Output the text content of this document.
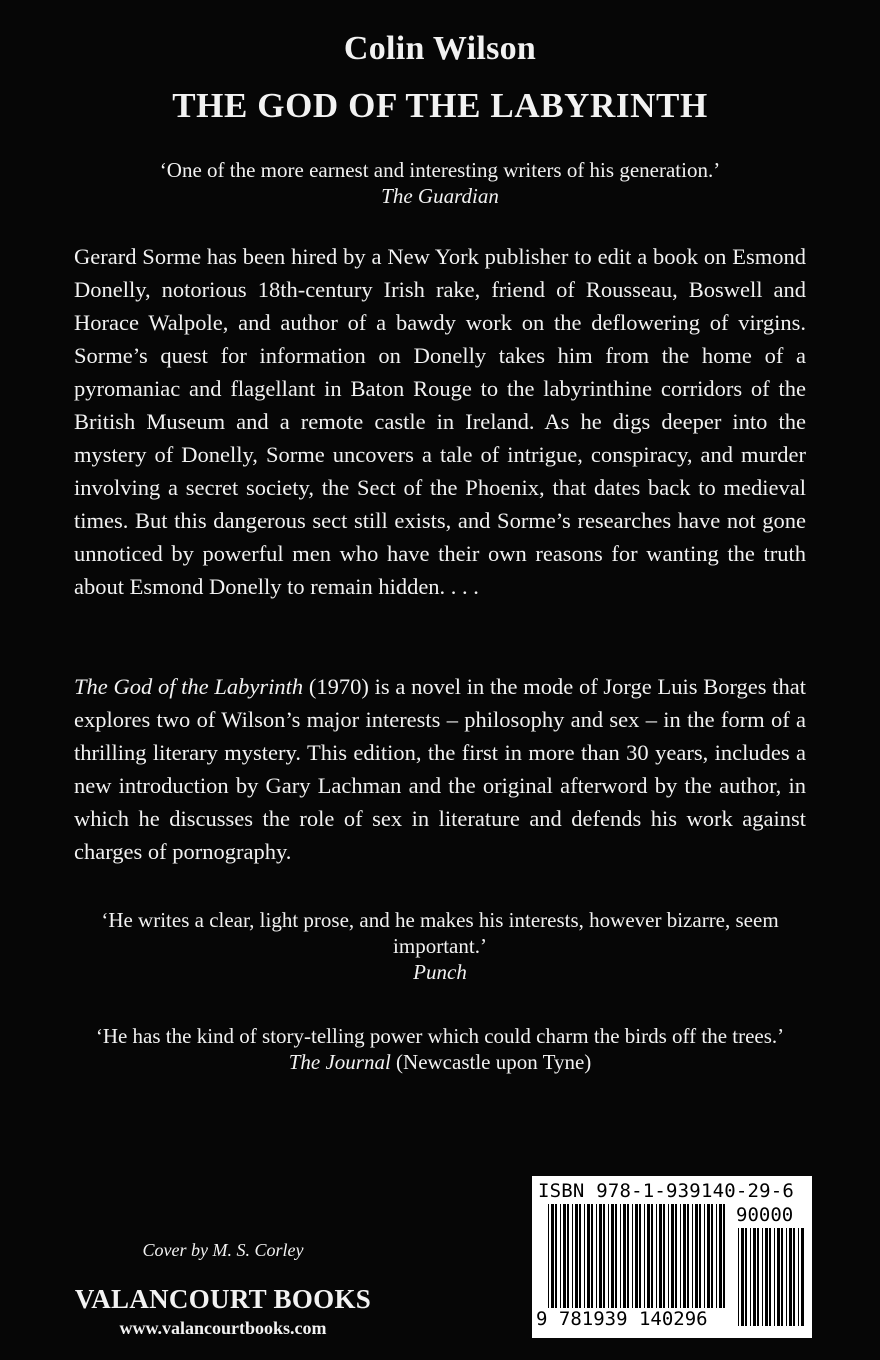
Colin Wilson
THE GOD OF THE LABYRINTH
‘One of the more earnest and interesting writers of his generation.’
The Guardian

Gerard Sorme has been hired by a New York publisher to edit a book on Esmond Donelly, notorious 18th-century Irish rake, friend of Rousseau, Boswell and Horace Walpole, and author of a bawdy work on the deflowering of virgins. Sorme’s quest for information on Donelly takes him from the home of a pyromaniac and flagellant in Baton Rouge to the labyrinthine corridors of the British Museum and a remote castle in Ireland. As he digs deeper into the mystery of Donelly, Sorme uncovers a tale of intrigue, conspiracy, and murder involving a secret society, the Sect of the Phoenix, that dates back to medieval times. But this dangerous sect still exists, and Sorme’s researches have not gone unnoticed by powerful men who have their own reasons for wanting the truth about Esmond Donelly to remain hidden. . . .

The God of the Labyrinth (1970) is a novel in the mode of Jorge Luis Borges that explores two of Wilson’s major interests – philosophy and sex – in the form of a thrilling literary mystery. This edition, the first in more than 30 years, includes a new introduction by Gary Lachman and the original afterword by the author, in which he discusses the role of sex in literature and defends his work against charges of pornography.

‘He writes a clear, light prose, and he makes his interests, however bizarre, seem important.’
Punch
‘He has the kind of story-telling power which could charm the birds off the trees.’
The Journal (Newcastle upon Tyne)
Cover by M. S. Corley
VALANCOURT BOOKS
www.valancourtbooks.com
ISBN 978-1-939140-29-6
90000
9 781939 140296
